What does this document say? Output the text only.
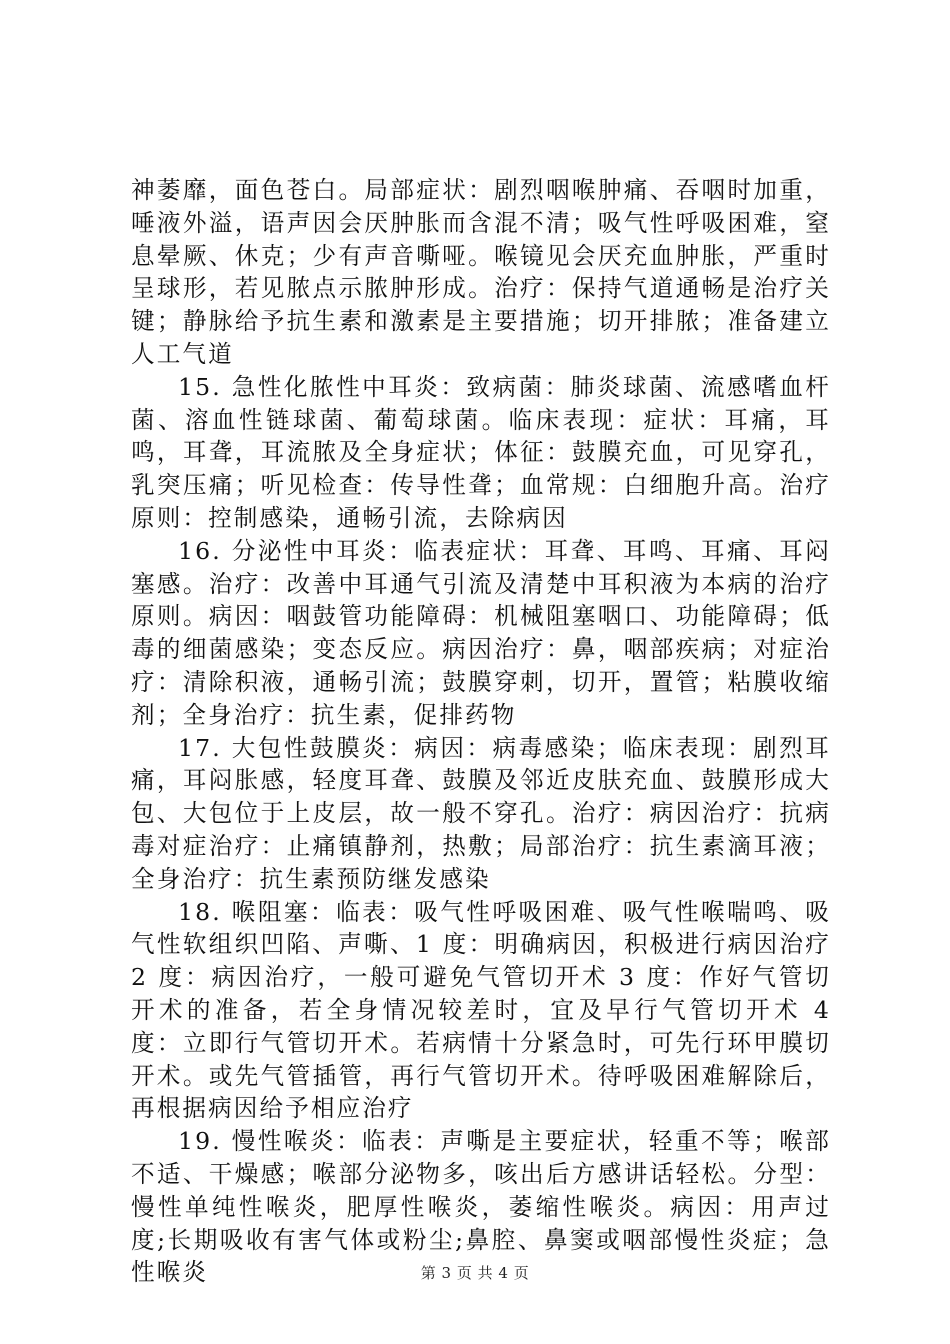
神萎靡，面色苍白。局部症状：剧烈咽喉肿痛、吞咽时加重，唾液外溢，语声因会厌肿胀而含混不清；吸气性呼吸困难，窒息晕厥、休克；少有声音嘶哑。喉镜见会厌充血肿胀，严重时呈球形，若见脓点示脓肿形成。治疗：保持气道通畅是治疗关键；静脉给予抗生素和激素是主要措施；切开排脓；准备建立人工气道

15. 急性化脓性中耳炎：致病菌：肺炎球菌、流感嗜血杆菌、溶血性链球菌、葡萄球菌。临床表现：症状：耳痛，耳鸣，耳聋，耳流脓及全身症状；体征：鼓膜充血，可见穿孔，乳突压痛；听见检查：传导性聋；血常规：白细胞升高。治疗原则：控制感染，通畅引流，去除病因

16. 分泌性中耳炎：临表症状：耳聋、耳鸣、耳痛、耳闷塞感。治疗：改善中耳通气引流及清楚中耳积液为本病的治疗原则。病因：咽鼓管功能障碍：机械阻塞咽口、功能障碍；低毒的细菌感染；变态反应。病因治疗：鼻，咽部疾病；对症治疗：清除积液，通畅引流；鼓膜穿刺，切开，置管；粘膜收缩剂；全身治疗：抗生素，促排药物

17. 大包性鼓膜炎：病因：病毒感染；临床表现：剧烈耳痛，耳闷胀感，轻度耳聋、鼓膜及邻近皮肤充血、鼓膜形成大包、大包位于上皮层，故一般不穿孔。治疗：病因治疗：抗病毒对症治疗：止痛镇静剂，热敷；局部治疗：抗生素滴耳液；全身治疗：抗生素预防继发感染

18. 喉阻塞：临表：吸气性呼吸困难、吸气性喉喘鸣、吸气性软组织凹陷、声嘶、1 度：明确病因，积极进行病因治疗 2 度：病因治疗，一般可避免气管切开术 3 度：作好气管切开术的准备，若全身情况较差时，宜及早行气管切开术 4 度：立即行气管切开术。若病情十分紧急时，可先行环甲膜切开术。或先气管插管，再行气管切开术。待呼吸困难解除后，再根据病因给予相应治疗

19. 慢性喉炎：临表：声嘶是主要症状，轻重不等；喉部不适、干燥感；喉部分泌物多，咳出后方感讲话轻松。分型：慢性单纯性喉炎，肥厚性喉炎，萎缩性喉炎。病因：用声过度;长期吸收有害气体或粉尘;鼻腔、鼻窦或咽部慢性炎症；急性喉炎	第 3 页 共 4 页
